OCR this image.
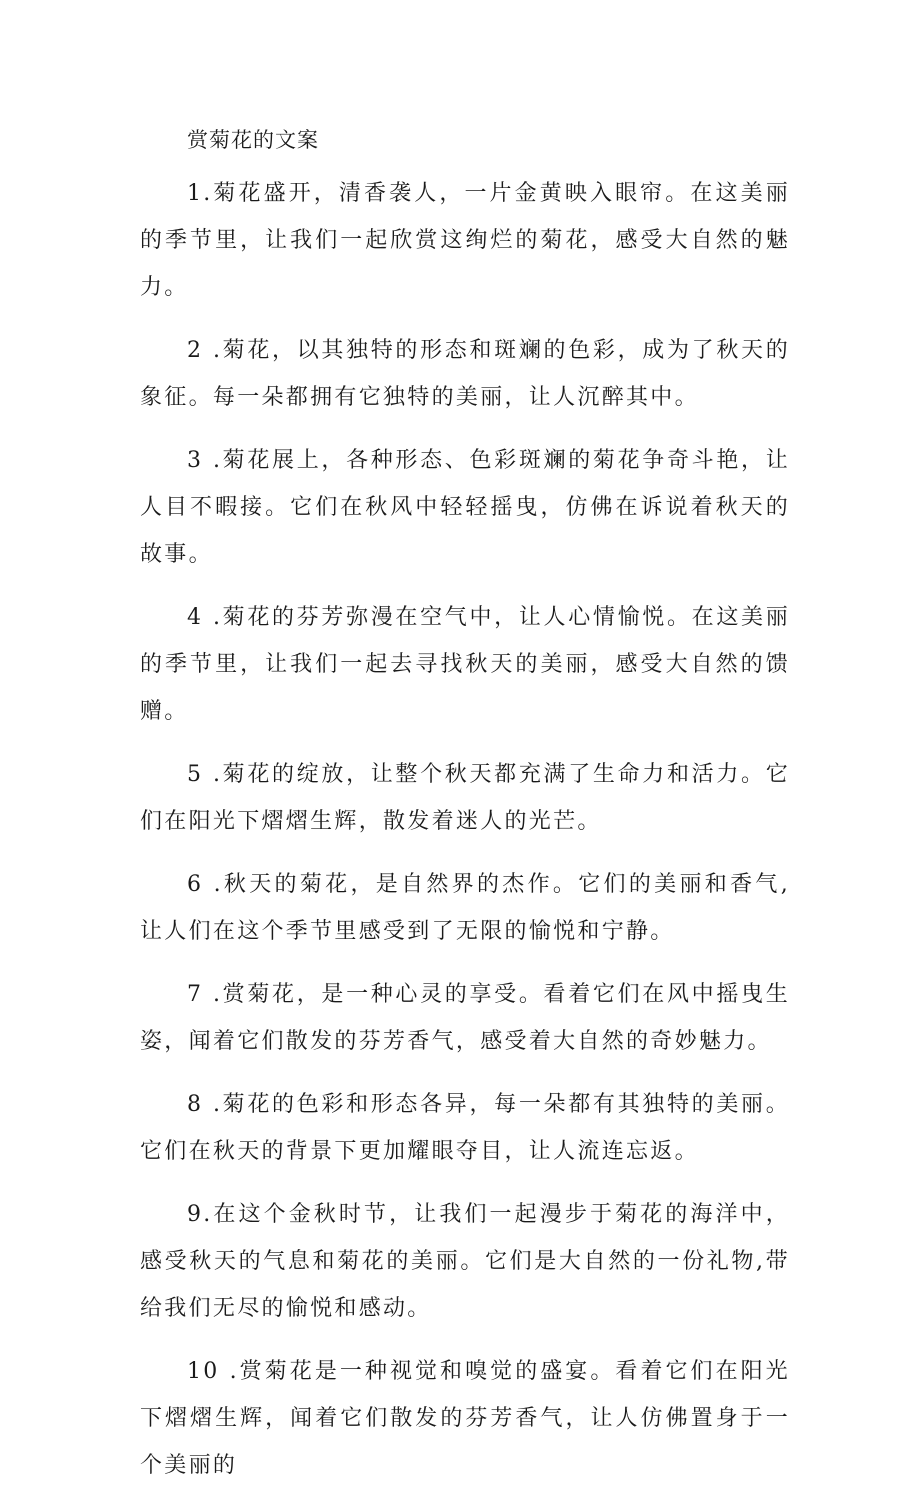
赏菊花的文案

1.菊花盛开，清香袭人，一片金黄映入眼帘。在这美丽的季节里，让我们一起欣赏这绚烂的菊花，感受大自然的魅力。

2 .菊花，以其独特的形态和斑斓的色彩，成为了秋天的象征。每一朵都拥有它独特的美丽，让人沉醉其中。

3 .菊花展上，各种形态、色彩斑斓的菊花争奇斗艳，让人目不暇接。它们在秋风中轻轻摇曳，仿佛在诉说着秋天的故事。

4 .菊花的芬芳弥漫在空气中，让人心情愉悦。在这美丽的季节里，让我们一起去寻找秋天的美丽，感受大自然的馈赠。

5 .菊花的绽放，让整个秋天都充满了生命力和活力。它们在阳光下熠熠生辉，散发着迷人的光芒。

6 .秋天的菊花，是自然界的杰作。它们的美丽和香气,让人们在这个季节里感受到了无限的愉悦和宁静。

7 .赏菊花，是一种心灵的享受。看着它们在风中摇曳生姿，闻着它们散发的芬芳香气，感受着大自然的奇妙魅力。

8 .菊花的色彩和形态各异，每一朵都有其独特的美丽。它们在秋天的背景下更加耀眼夺目，让人流连忘返。

9.在这个金秋时节，让我们一起漫步于菊花的海洋中，感受秋天的气息和菊花的美丽。它们是大自然的一份礼物,带给我们无尽的愉悦和感动。

10 .赏菊花是一种视觉和嗅觉的盛宴。看着它们在阳光下熠熠生辉，闻着它们散发的芬芳香气，让人仿佛置身于一个美丽的
